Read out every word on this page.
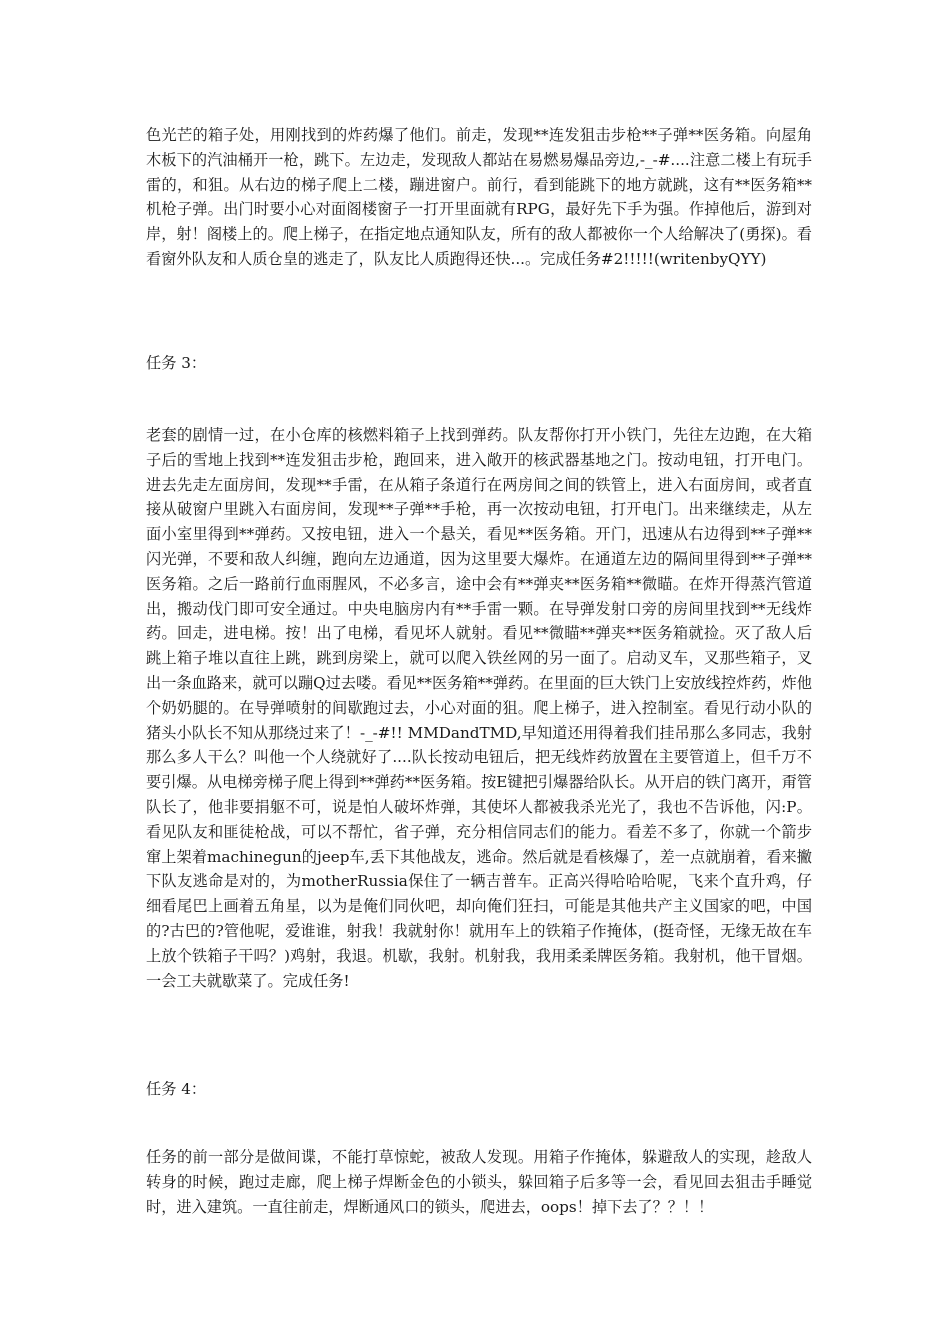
色光芒的箱子处，用刚找到的炸药爆了他们。前走，发现**连发狙击步枪**子弹**医务箱。向屋角木板下的汽油桶开一枪，跳下。左边走，发现敌人都站在易燃易爆品旁边,-_-#....注意二楼上有玩手雷的，和狙。从右边的梯子爬上二楼，蹦进窗户。前行，看到能跳下的地方就跳，这有**医务箱**机枪子弹。出门时要小心对面阁楼窗子一打开里面就有RPG，最好先下手为强。作掉他后，游到对岸，射！阁楼上的。爬上梯子，在指定地点通知队友，所有的敌人都被你一个人给解决了(勇探)。看看窗外队友和人质仓皇的逃走了，队友比人质跑得还快...。完成任务#2!!!!!(writenbyQYY)

任务 3：

老套的剧情一过，在小仓库的核燃料箱子上找到弹药。队友帮你打开小铁门，先往左边跑，在大箱子后的雪地上找到**连发狙击步枪，跑回来，进入敞开的核武器基地之门。按动电钮，打开电门。进去先走左面房间，发现**手雷，在从箱子条道行在两房间之间的铁管上，进入右面房间，或者直接从破窗户里跳入右面房间，发现**子弹**手枪，再一次按动电钮，打开电门。出来继续走，从左面小室里得到**弹药。又按电钮，进入一个悬关，看见**医务箱。开门，迅速从右边得到**子弹**闪光弹，不要和敌人纠缠，跑向左边通道，因为这里要大爆炸。在通道左边的隔间里得到**子弹**医务箱。之后一路前行血雨腥风，不必多言，途中会有**弹夹**医务箱**微瞄。在炸开得蒸汽管道出，搬动伐门即可安全通过。中央电脑房内有**手雷一颗。在导弹发射口旁的房间里找到**无线炸药。回走，进电梯。按！出了电梯，看见坏人就射。看见**微瞄**弹夹**医务箱就捡。灭了敌人后跳上箱子堆以直往上跳，跳到房梁上，就可以爬入铁丝网的另一面了。启动叉车，叉那些箱子，叉出一条血路来，就可以蹦Q过去喽。看见**医务箱**弹药。在里面的巨大铁门上安放线控炸药，炸他个奶奶腿的。在导弹喷射的间歇跑过去，小心对面的狙。爬上梯子，进入控制室。看见行动小队的猪头小队长不知从那绕过来了！-_-#!! MMDandTMD,早知道还用得着我们挂吊那么多同志，我射那么多人干么？叫他一个人绕就好了....队长按动电钮后，把无线炸药放置在主要管道上，但千万不要引爆。从电梯旁梯子爬上得到**弹药**医务箱。按E键把引爆器给队长。从开启的铁门离开，甭管队长了，他非要捐躯不可，说是怕人破坏炸弹，其使坏人都被我杀光光了，我也不告诉他，闪:P。看见队友和匪徒枪战，可以不帮忙，省子弹，充分相信同志们的能力。看差不多了，你就一个箭步窜上架着machinegun的jeep车,丢下其他战友，逃命。然后就是看核爆了，差一点就崩着，看来撇下队友逃命是对的，为motherRussia保住了一辆吉普车。正高兴得哈哈哈呢，飞来个直升鸡，仔细看尾巴上画着五角星，以为是俺们同伙吧，却向俺们狂扫，可能是其他共产主义国家的吧，中国的?古巴的?管他呢，爱谁谁，射我！我就射你！就用车上的铁箱子作掩体，(挺奇怪，无缘无故在车上放个铁箱子干吗？)鸡射，我退。机歇，我射。机射我，我用柔柔牌医务箱。我射机，他干冒烟。一会工夫就歇菜了。完成任务!

任务 4：

任务的前一部分是做间谍，不能打草惊蛇，被敌人发现。用箱子作掩体，躲避敌人的实现，趁敌人转身的时候，跑过走廊，爬上梯子焊断金色的小锁头，躲回箱子后多等一会，看见回去狙击手睡觉时，进入建筑。一直往前走，焊断通风口的锁头，爬进去，oops！掉下去了？？！！
